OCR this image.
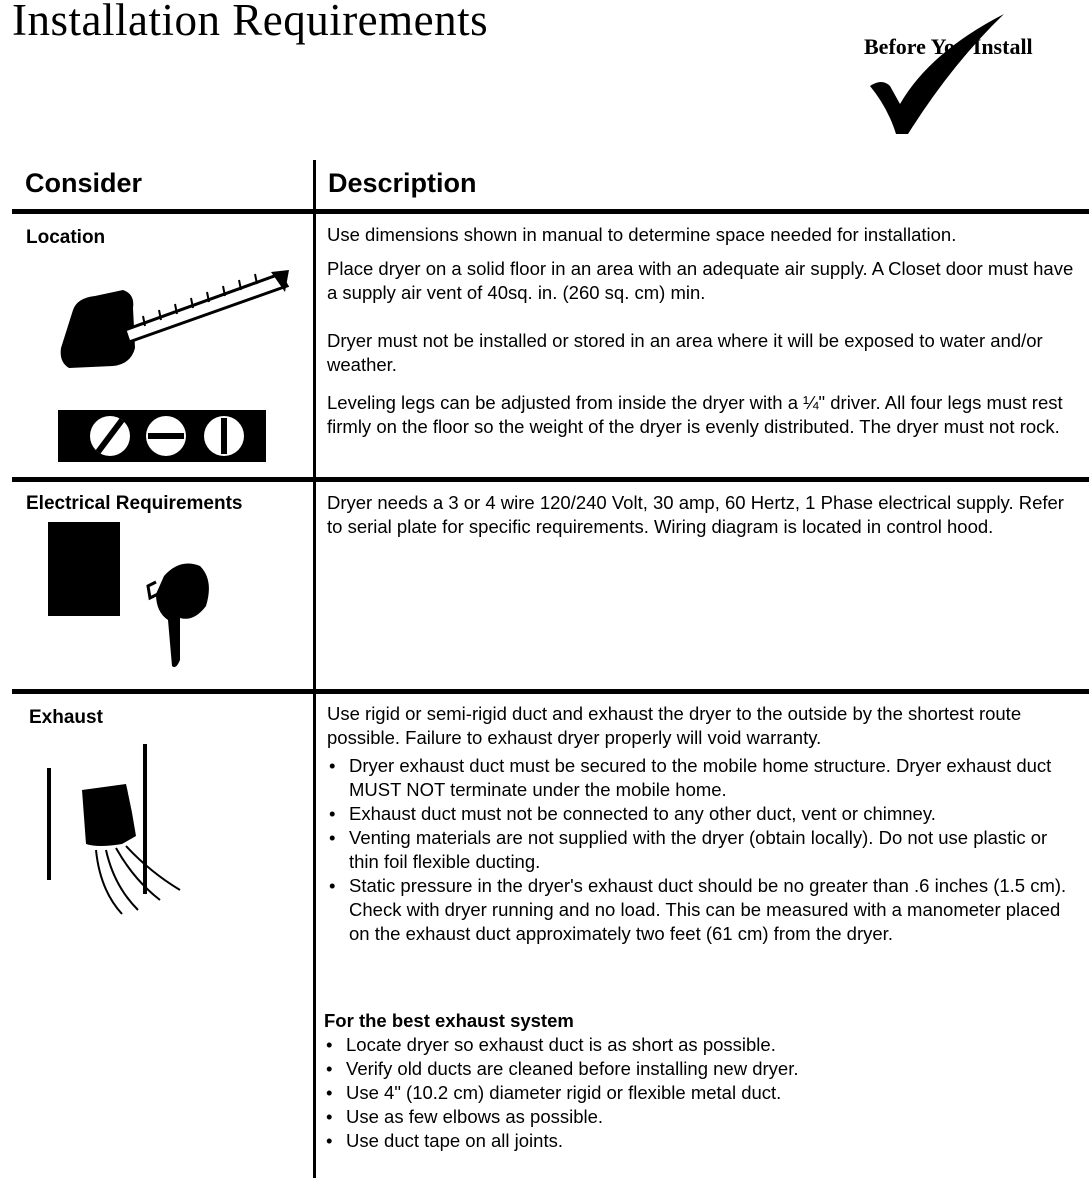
Installation Requirements
Before You Install
Consider	Description
Location	Use dimensions shown in manual to determine space needed for installation.

Place dryer on a solid floor in an area with an adequate air supply. A Closet door must have a supply air vent of 40sq. in. (260 sq. cm) min.

Dryer must not be installed or stored in an area where it will be exposed to water and/or weather.

Leveling legs can be adjusted from inside the dryer with a ¼" driver. All four legs must rest firmly on the floor so the weight of the dryer is evenly distributed. The dryer must not rock.

Electrical Requirements	Dryer needs a 3 or 4 wire 120/240 Volt, 30 amp, 60 Hertz, 1 Phase electrical supply. Refer to serial plate for specific requirements. Wiring diagram is located in control hood.

Exhaust	Use rigid or semi-rigid duct and exhaust the dryer to the outside by the shortest route possible. Failure to exhaust dryer properly will void warranty.

• Dryer exhaust duct must be secured to the mobile home structure. Dryer exhaust duct MUST NOT terminate under the mobile home.
• Exhaust duct must not be connected to any other duct, vent or chimney.
• Venting materials are not supplied with the dryer (obtain locally). Do not use plastic or thin foil flexible ducting.
• Static pressure in the dryer's exhaust duct should be no greater than .6 inches (1.5 cm). Check with dryer running and no load. This can be measured with a manometer placed on the exhaust duct approximately two feet (61 cm) from the dryer.
For the best exhaust system
• Locate dryer so exhaust duct is as short as possible.
• Verify old ducts are cleaned before installing new dryer.
• Use 4" (10.2 cm) diameter rigid or flexible metal duct.
• Use as few elbows as possible.
• Use duct tape on all joints.
